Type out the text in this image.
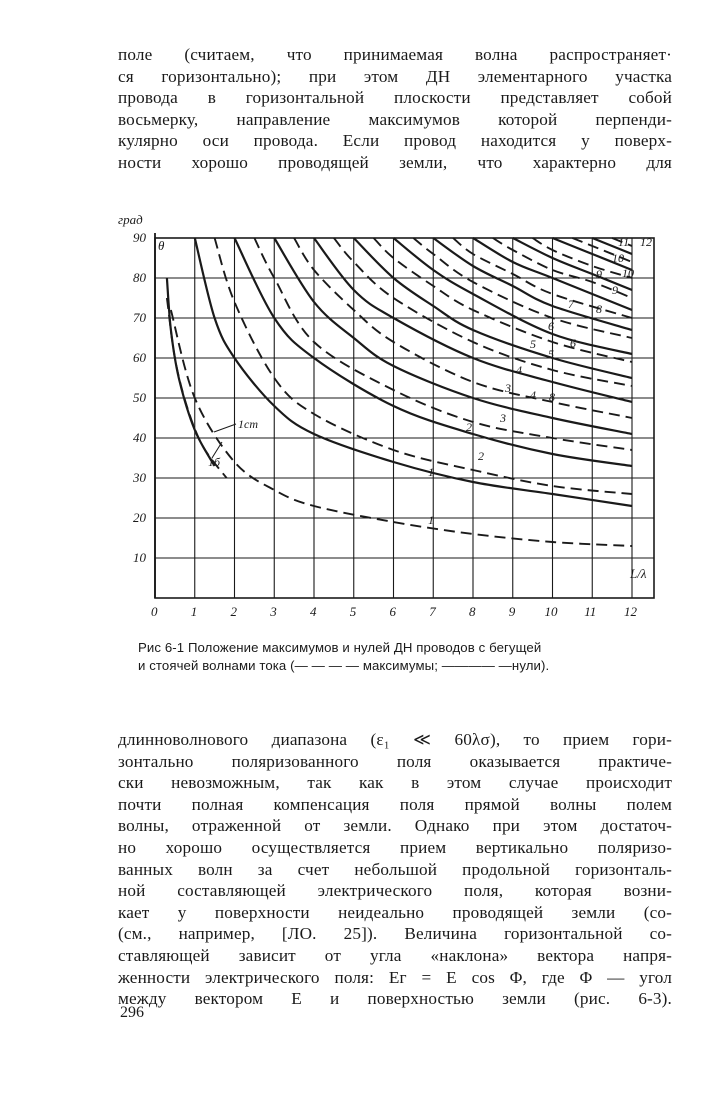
поле (считаем, что принимаемая волна распространяет·
ся горизонтально); при этом ДН элементарного участка
провода в горизонтальной плоскости представляет собой
восьмерку, направление максимумов которой перпенди-
кулярно оси провода. Если провод находится у поверх-
ности хорошо проводящей земли, что характерно для
0	1	2	3	4	5	6	7	8	9 10 11 12
10
20
30
40
50
60
70
80
90
1ст
1б
1
1
2
2
3
3
4
4
5
5
6
6
7
8
8
9
9
10
10
11 12
град
θ
L/λ
Рис 6-1 Положение максимумов и нулей ДН проводов с бегущей
и стоячей волнами тока (— — — — максимумы; ———— —нули).
длинноволнового диапазона (ε₁ ≪ 60λσ), то прием гори-
зонтально поляризованного поля оказывается практиче-
ски невозможным, так как в этом случае происходит
почти полная компенсация поля прямой волны полем
волны, отраженной от земли. Однако при этом достаточ-
но хорошо осуществляется прием вертикально поляризо-
ванных волн за счет небольшой продольной горизонталь-
ной составляющей электрического поля, которая возни-
кает у поверхности неидеально проводящей земли (со-
(см., например, [ЛО. 25]). Величина горизонтальной со-
ставляющей зависит от угла «наклона» вектора напря-
женности электрического поля: Eг = E cos Φ, где Φ — угол
между вектором E и поверхностью земли (рис. 6-3).
296
